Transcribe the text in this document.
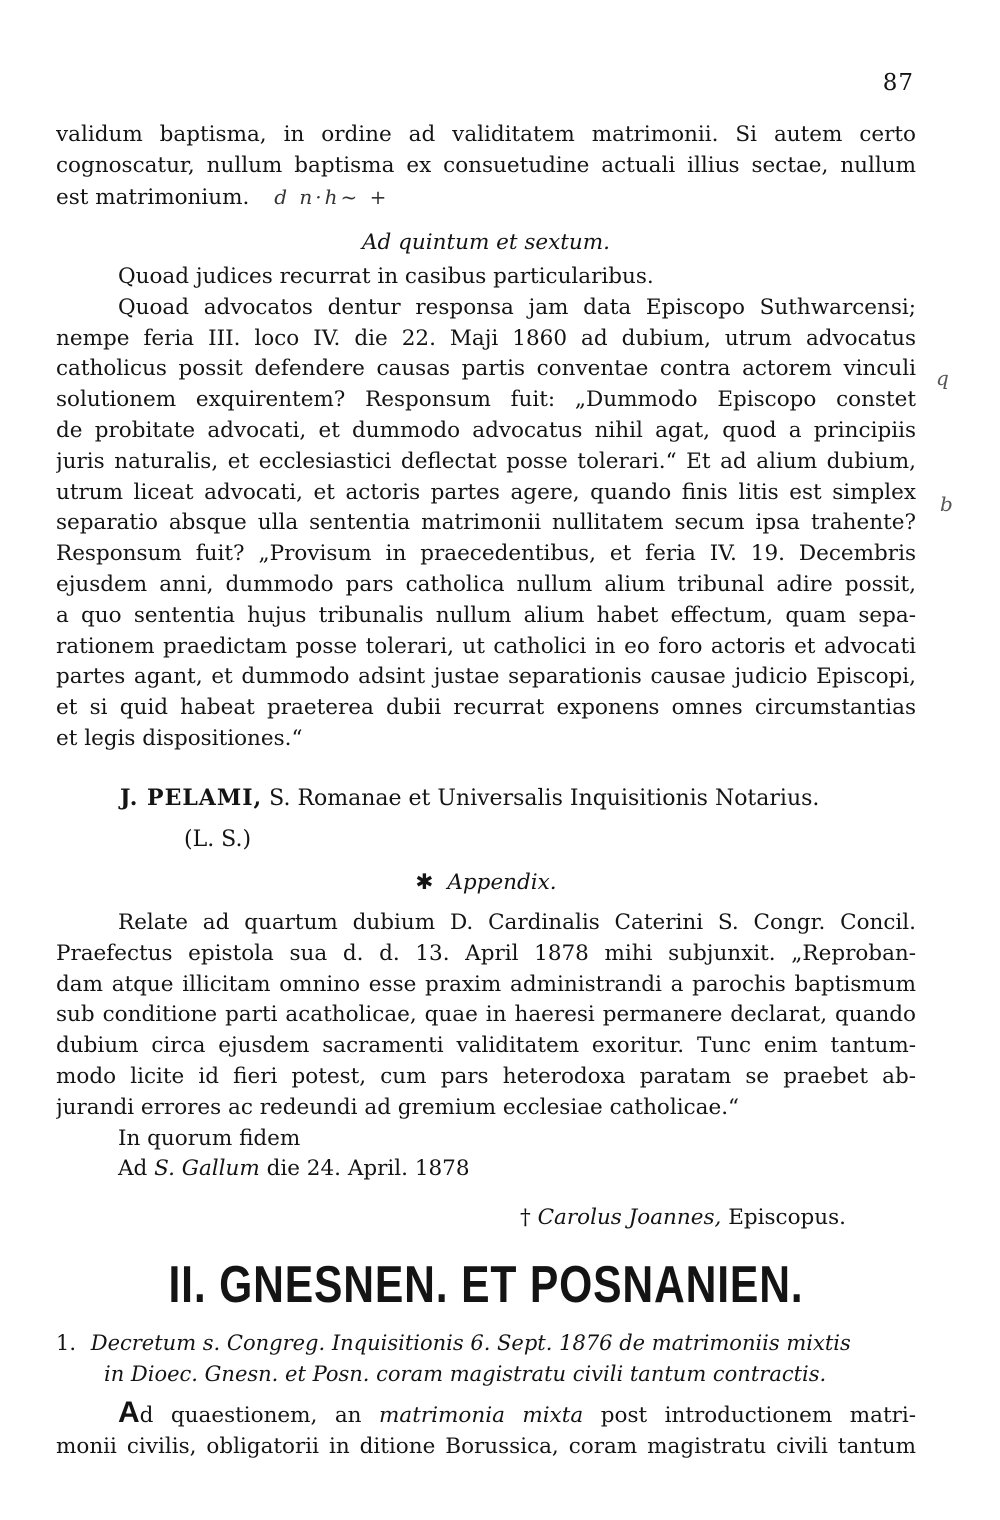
87
validum baptisma, in ordine ad validitatem matrimonii. Si autem certo
cognoscatur, nullum baptisma ex consuetudine actuali illius sectae, nullum
est matrimonium. d n·h~ +
Ad quintum et sextum.
Quoad judices recurrat in casibus particularibus.
Quoad advocatos dentur responsa jam data Episcopo Suthwarcensi;
nempe feria III. loco IV. die 22. Maji 1860 ad dubium, utrum advocatus
catholicus possit defendere causas partis conventae contra actorem vinculi
solutionem exquirentem? Responsum fuit: „Dummodo Episcopo constet
de probitate advocati, et dummodo advocatus nihil agat, quod a principiis
juris naturalis, et ecclesiastici deflectat posse tolerari.“ Et ad alium dubium,
utrum liceat advocati, et actoris partes agere, quando finis litis est simplex
separatio absque ulla sententia matrimonii nullitatem secum ipsa trahente?
Responsum fuit? „Provisum in praecedentibus, et feria IV. 19. Decembris
ejusdem anni, dummodo pars catholica nullum alium tribunal adire possit,
a quo sententia hujus tribunalis nullum alium habet effectum, quam sepa-
rationem praedictam posse tolerari, ut catholici in eo foro actoris et advocati
partes agant, et dummodo adsint justae separationis causae judicio Episcopi,
et si quid habeat praeterea dubii recurrat exponens omnes circumstantias
et legis dispositiones.“
q
b
J. PELAMI, S. Romanae et Universalis Inquisitionis Notarius.
(L. S.)
✱ Appendix.
Relate ad quartum dubium D. Cardinalis Caterini S. Congr. Concil.
Praefectus epistola sua d. d. 13. April 1878 mihi subjunxit. „Reproban-
dam atque illicitam omnino esse praxim administrandi a parochis baptismum
sub conditione parti acatholicae, quae in haeresi permanere declarat, quando
dubium circa ejusdem sacramenti validitatem exoritur. Tunc enim tantum-
modo licite id fieri potest, cum pars heterodoxa paratam se praebet ab-
jurandi errores ac redeundi ad gremium ecclesiae catholicae.“
In quorum fidem
Ad S. Gallum die 24. April. 1878
† Carolus Joannes, Episcopus.
II. GNESNEN. ET POSNANIEN.
1. Decretum s. Congreg. Inquisitionis 6. Sept. 1876 de matrimoniis mixtis
in Dioec. Gnesn. et Posn. coram magistratu civili tantum contractis.
Ad quaestionem, an matrimonia mixta post introductionem matri-
monii civilis, obligatorii in ditione Borussica, coram magistratu civili tantum
